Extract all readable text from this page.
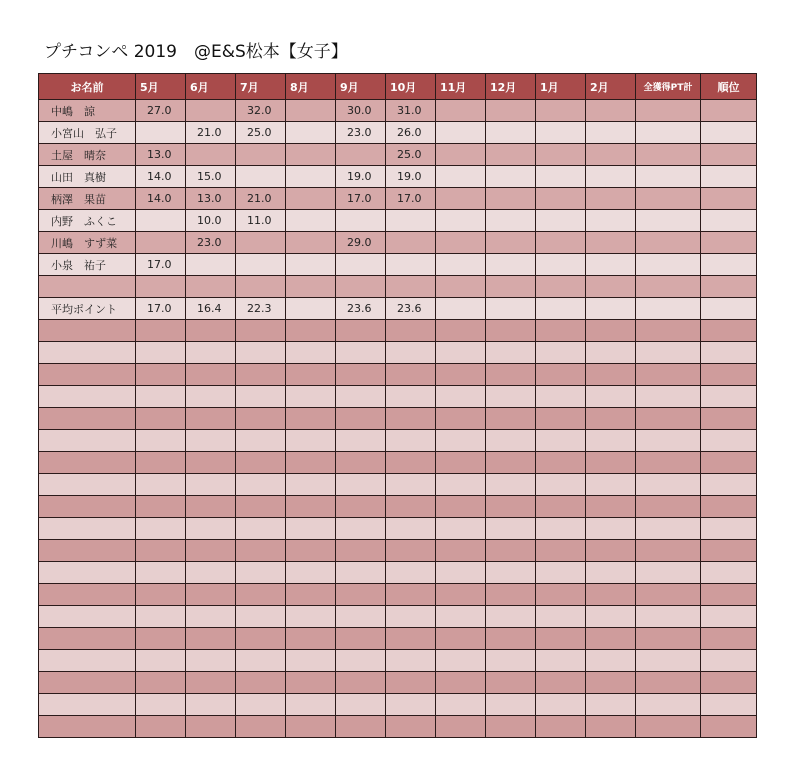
プチコンペ 2019　@E&S松本【女子】
お名前	5月	6月	7月	8月	9月	10月	11月	12月	1月	2月	全獲得PT計	順位
中嶋　諒	27.0		32.0		30.0	31.0						
小宮山　弘子		21.0	25.0		23.0	26.0						
土屋　晴奈	13.0					25.0						
山田　真樹	14.0	15.0			19.0	19.0						
柄澤　果苗	14.0	13.0	21.0		17.0	17.0						
内野　ふくこ		10.0	11.0									
川嶋　すず菜		23.0			29.0							
小泉　祐子	17.0											

平均ポイント	17.0	16.4	22.3		23.6	23.6						
